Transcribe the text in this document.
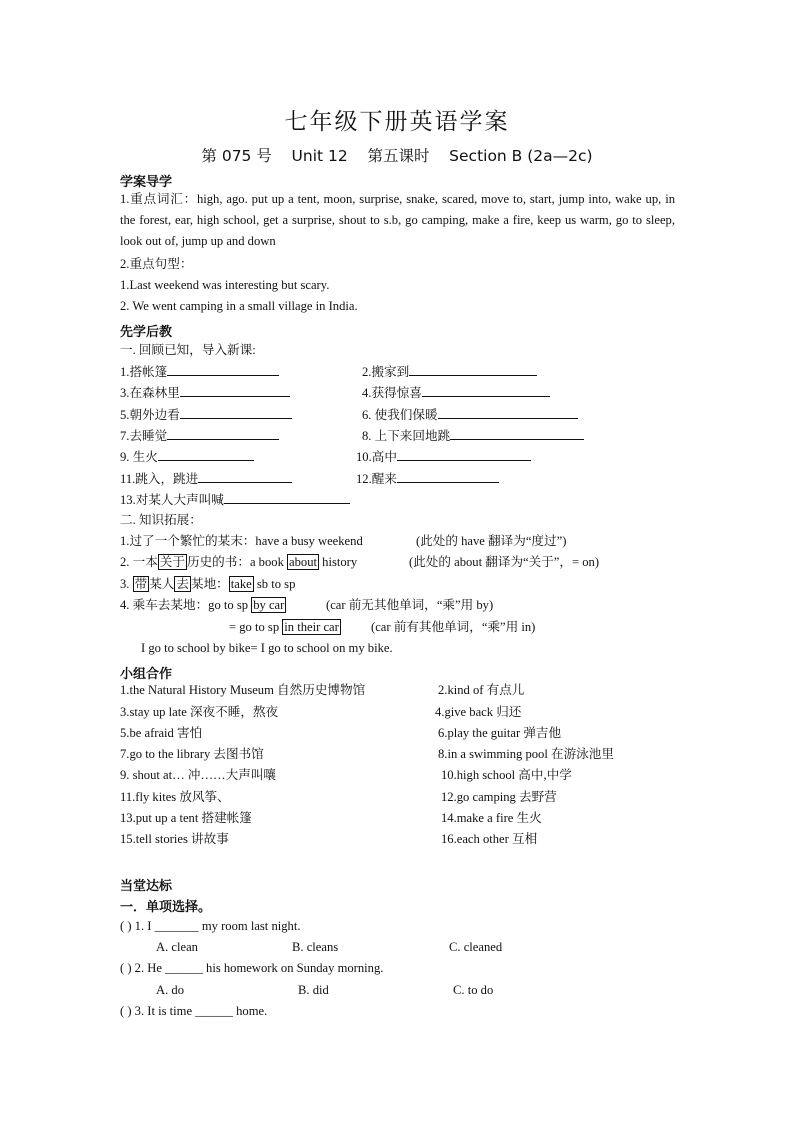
七年级下册英语学案
第 075 号    Unit 12    第五课时    Section B (2a—2c)
学案导学
1.重点词汇：high, ago. put up a tent, moon, surprise, snake, scared, move to, start, jump into, wake up, in the forest, ear, high school, get a surprise, shout to s.b, go camping, make a fire, keep us warm, go to sleep, look out of, jump up and down
2.重点句型：
1.Last weekend was interesting but scary.
2. We went camping in a small village in India.
先学后教
一. 回顾已知，导入新课:
1.搭帐篷	2.搬家到
3.在森林里	4.获得惊喜
5.朝外边看	6. 使我们保暖
7.去睡觉	8. 上下来回地跳
9. 生火	10.高中
11.跳入，跳进	12.醒来
13.对某人大声叫喊
二. 知识拓展：
1.过了一个繁忙的某末：have a busy weekend	(此处的 have 翻译为“度过”)
2. 一本 关于 历史的书：a book about history	(此处的 about 翻译为“关于”，= on)
3. 带 某人 去 某地： take sb to sp
4. 乘车去某地：go to sp by car	(car 前无其他单词，“乘”用 by)
= go to sp in their car	(car 前有其他单词，“乘”用 in)
I go to school by bike= I go to school on my bike.
小组合作
1.the Natural History Museum 自然历史博物馆	2.kind of 有点儿
3.stay up late 深夜不睡，熬夜	4.give back 归还
5.be afraid 害怕	6.play the guitar 弹吉他
7.go to the library 去图书馆	8.in a swimming pool 在游泳池里
9. shout at… 冲……大声叫嚷	10.high school 高中,中学
11.fly kites 放风筝、	12.go camping 去野营
13.put up a tent 搭建帐篷	14.make a fire 生火
15.tell stories 讲故事	16.each other 互相
当堂达标
一．单项选择。
( ) 1. I _______ my room last night.
A. clean	B. cleans	C. cleaned
( ) 2. He ______ his homework on Sunday morning.
A. do	B. did	C. to do
( ) 3. It is time ______ home.
